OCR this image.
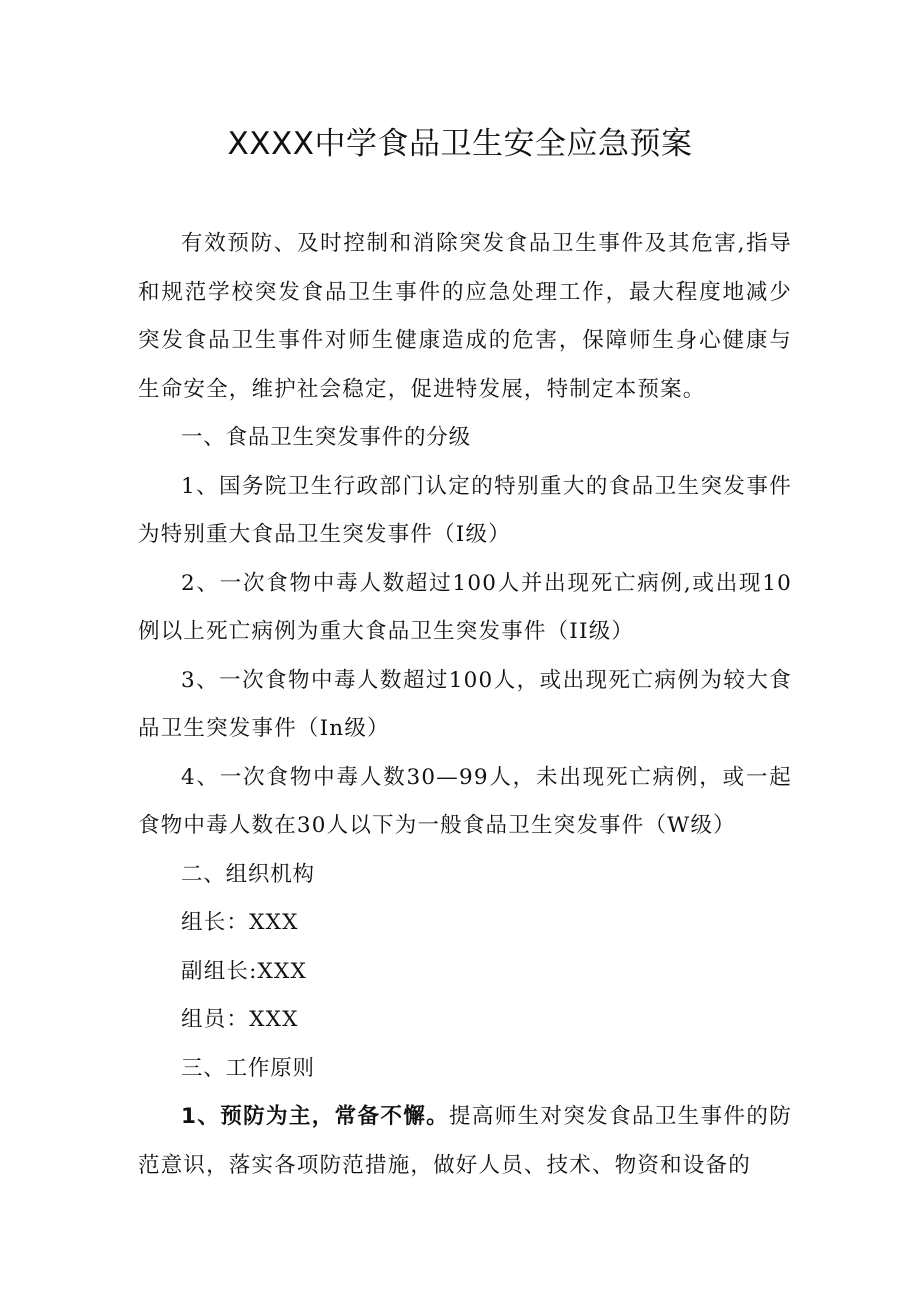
XXXX中学食品卫生安全应急预案

有效预防、及时控制和消除突发食品卫生事件及其危害,指导和规范学校突发食品卫生事件的应急处理工作，最大程度地减少突发食品卫生事件对师生健康造成的危害，保障师生身心健康与生命安全，维护社会稳定，促进特发展，特制定本预案。

一、食品卫生突发事件的分级

1、国务院卫生行政部门认定的特别重大的食品卫生突发事件为特别重大食品卫生突发事件（I级）

2、一次食物中毒人数超过100人并出现死亡病例,或出现10例以上死亡病例为重大食品卫生突发事件（II级）

3、一次食物中毒人数超过100人，或出现死亡病例为较大食品卫生突发事件（In级）

4、一次食物中毒人数30—99人，未出现死亡病例，或一起食物中毒人数在30人以下为一般食品卫生突发事件（W级）

二、组织机构

组长：XXX

副组长:XXX

组员：XXX

三、工作原则

1、预防为主，常备不懈。提高师生对突发食品卫生事件的防范意识，落实各项防范措施，做好人员、技术、物资和设备的
